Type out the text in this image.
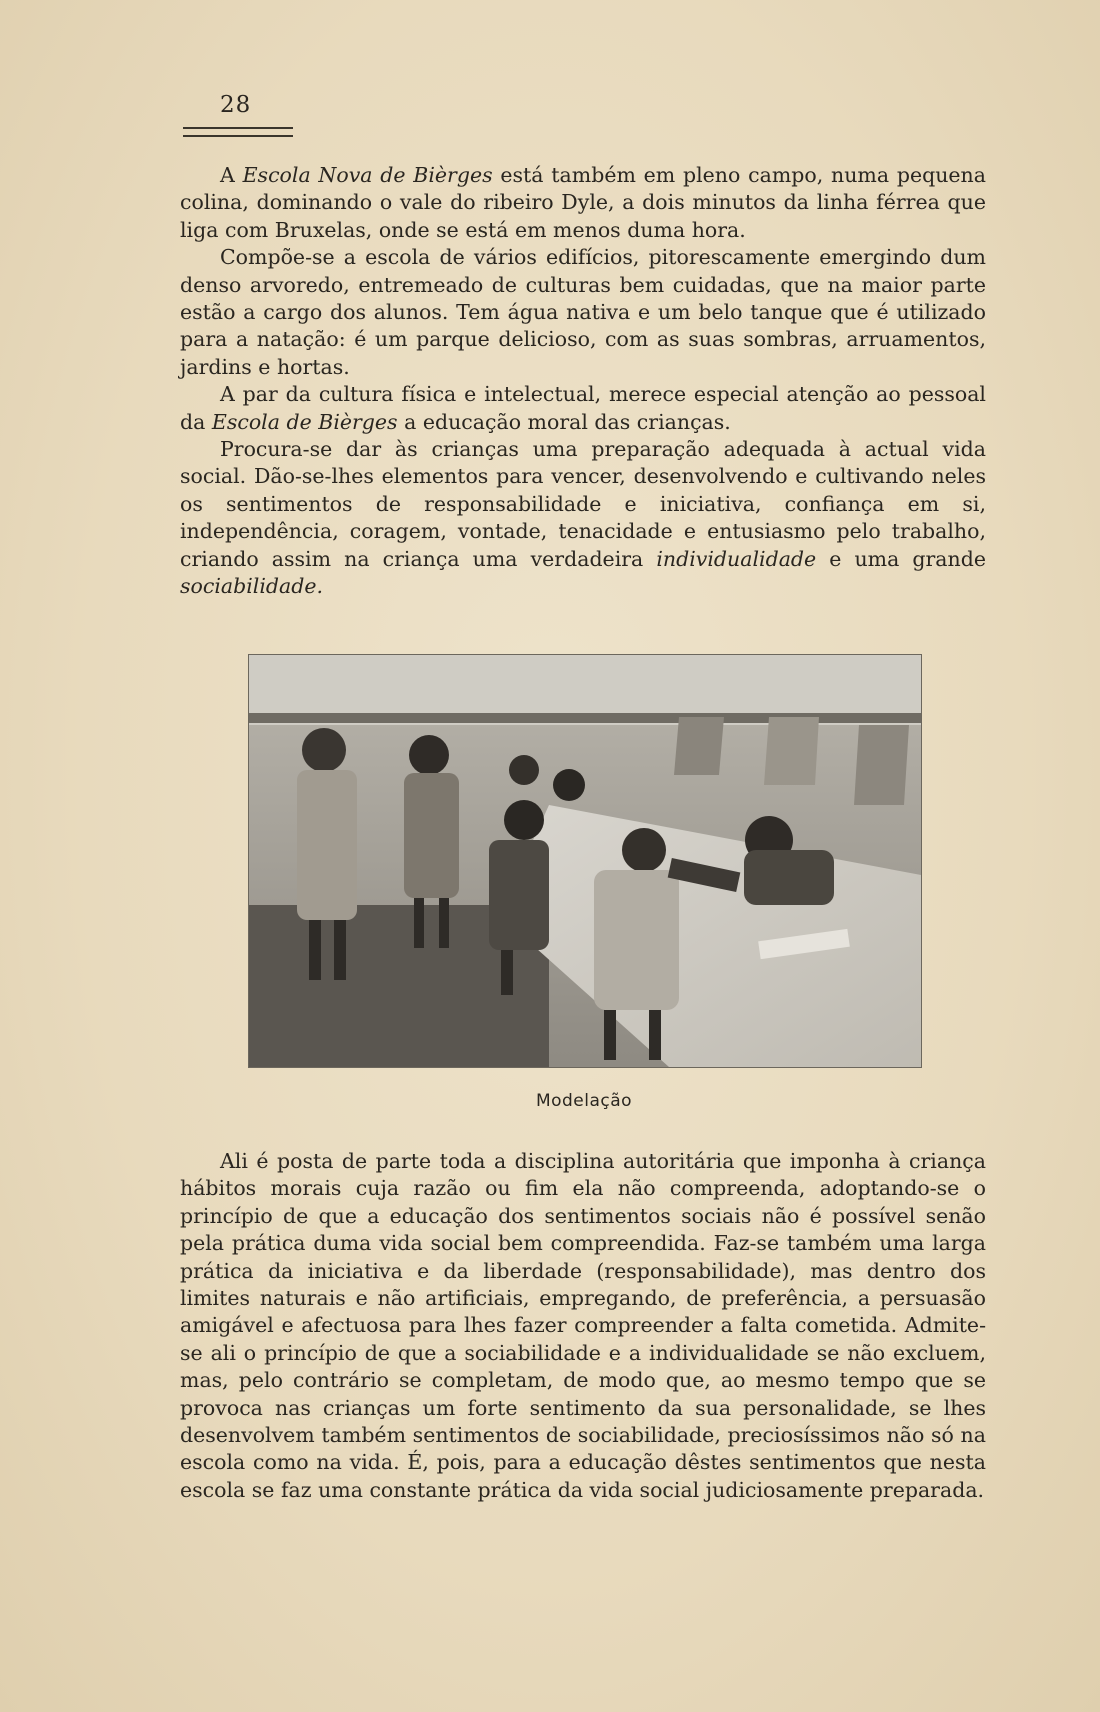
28

A Escola Nova de Bièrges está também em pleno campo, numa pequena colina, dominando o vale do ribeiro Dyle, a dois minutos da linha férrea que liga com Bruxelas, onde se está em menos duma hora.

Compõe-se a escola de vários edifícios, pitorescamente emergindo dum denso arvoredo, entremeado de culturas bem cuidadas, que na maior parte estão a cargo dos alunos. Tem água nativa e um belo tanque que é utilizado para a natação: é um parque delicioso, com as suas sombras, arruamentos, jardins e hortas.

A par da cultura física e intelectual, merece especial atenção ao pessoal da Escola de Bièrges a educação moral das crianças.

Procura-se dar às crianças uma preparação adequada à actual vida social. Dão-se-lhes elementos para vencer, desenvolvendo e cultivando neles os sentimentos de responsabilidade e iniciativa, confiança em si, independência, coragem, vontade, tenacidade e entusiasmo pelo trabalho, criando assim na criança uma verdadeira individualidade e uma grande sociabilidade.

Modelação

Ali é posta de parte toda a disciplina autoritária que imponha à criança hábitos morais cuja razão ou fim ela não compreenda, adoptando-se o princípio de que a educação dos sentimentos sociais não é possível senão pela prática duma vida social bem compreendida. Faz-se também uma larga prática da iniciativa e da liberdade (responsabilidade), mas dentro dos limites naturais e não artificiais, empregando, de preferência, a persuasão amigável e afectuosa para lhes fazer compreender a falta cometida. Admite-se ali o princípio de que a sociabilidade e a individualidade se não excluem, mas, pelo contrário se completam, de modo que, ao mesmo tempo que se provoca nas crianças um forte sentimento da sua personalidade, se lhes desenvolvem também sentimentos de sociabilidade, preciosíssimos não só na escola como na vida. É, pois, para a educação dêstes sentimentos que nesta escola se faz uma constante prática da vida social judiciosamente preparada.
